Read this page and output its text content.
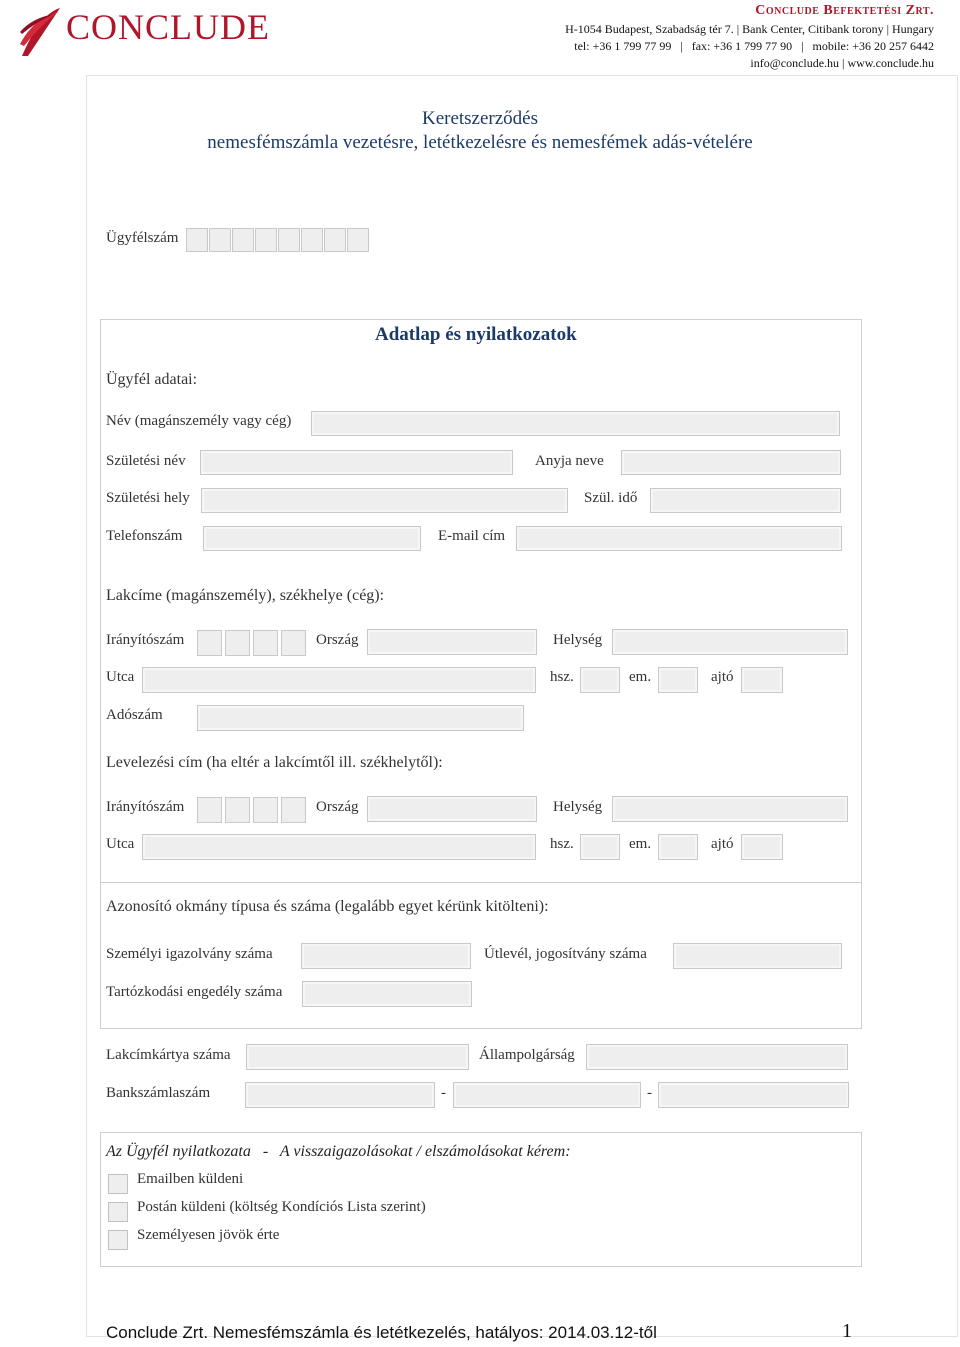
CONCLUDE	Conclude Befektetési Zrt.
H-1054 Budapest, Szabadság tér 7. | Bank Center, Citibank torony | Hungary
tel: +36 1 799 77 99   |   fax: +36 1 799 77 90   |   mobile: +36 20 257 6442
info@conclude.hu | www.conclude.hu
Keretszerződés
nemesfémszámla vezetésre, letétkezelésre és nemesfémek adás-vételére
Ügyfélszám
Adatlap és nyilatkozatok
Ügyfél adatai:
Név (magánszemély vagy cég)
Születési név	Anyja neve
Születési hely	Szül. idő
Telefonszám	E-mail cím
Lakcíme (magánszemély), székhelye (cég):
Irányítószám	Ország	Helység
Utca	hsz.	em.	ajtó
Adószám
Levelezési cím (ha eltér a lakcímtől ill. székhelytől):
Irányítószám	Ország	Helység
Utca	hsz.	em.	ajtó
Azonosító okmány típusa és száma (legalább egyet kérünk kitölteni):
Személyi igazolvány száma	Útlevél, jogosítvány száma
Tartózkodási engedély száma
Lakcímkártya száma	Állampolgárság
Bankszámlaszám	-	-
Az Ügyfél nyilatkozata   -   A visszaigazolásokat / elszámolásokat kérem:
Emailben küldeni
Postán küldeni (költség Kondíciós Lista szerint)
Személyesen jövök érte
Conclude Zrt. Nemesfémszámla és letétkezelés, hatályos: 2014.03.12-től	1
